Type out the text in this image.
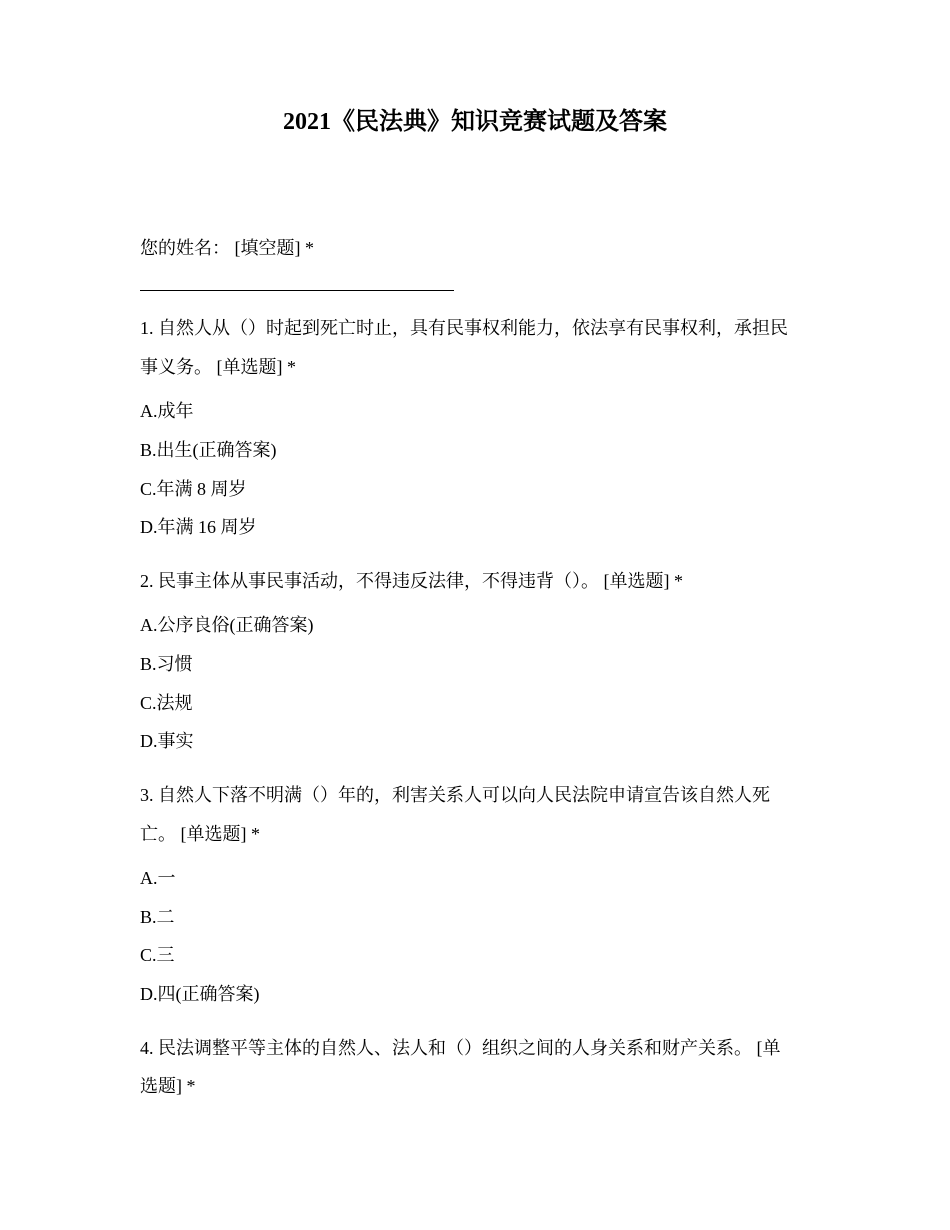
2021《民法典》知识竞赛试题及答案
您的姓名： [填空题] *
1. 自然人从（）时起到死亡时止，具有民事权利能力，依法享有民事权利，承担民
事义务。 [单选题] *
A.成年
B.出生(正确答案)
C.年满 8 周岁
D.年满 16 周岁
2. 民事主体从事民事活动，不得违反法律，不得违背（）。 [单选题] *
A.公序良俗(正确答案)
B.习惯
C.法规
D.事实
3. 自然人下落不明满（）年的，利害关系人可以向人民法院申请宣告该自然人死
亡。 [单选题] *
A.一
B.二
C.三
D.四(正确答案)
4. 民法调整平等主体的自然人、法人和（）组织之间的人身关系和财产关系。 [单
选题] *
